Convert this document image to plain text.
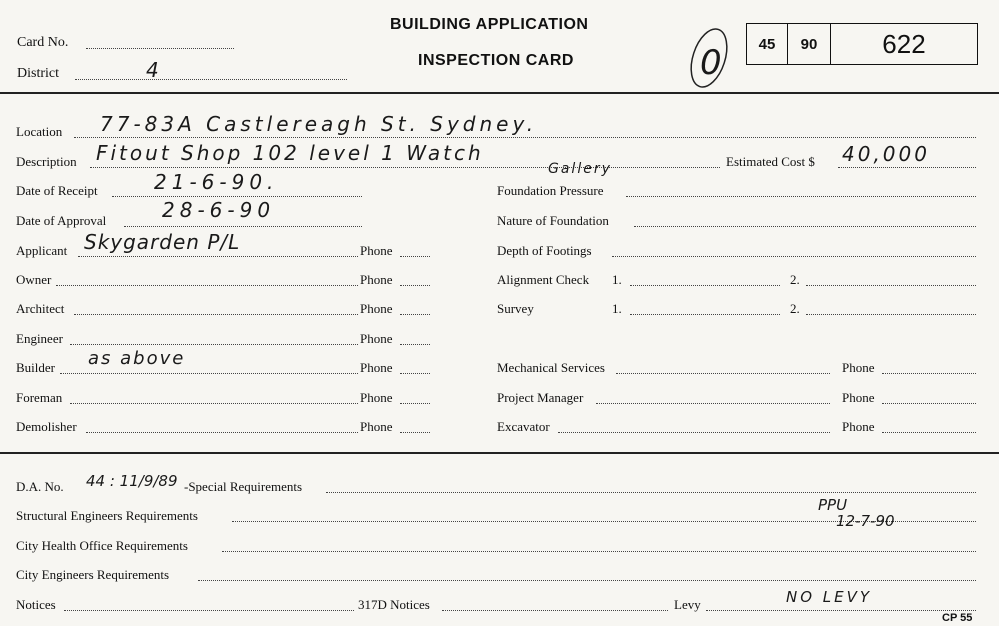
Card No.
District	4
BUILDING APPLICATION
INSPECTION CARD
45	90	622
Location 77-83A Castlereagh St. Sydney.
Description Fitout Shop 102 level 1 Watch
Gallery	Estimated Cost $ 40,000
Date of Receipt	21-6-90.
Date of Approval	28-6-90
Applicant Skygarden P/L	Phone
Owner	Phone
Architect	Phone
Engineer	Phone
Builder as above	Phone
Foreman	Phone
Demolisher	Phone
Foundation Pressure
Nature of Foundation
Depth of Footings
Alignment Check 1.	2.
Survey	1.	2.
Mechanical Services	Phone
Project Manager	Phone
Excavator	Phone
D.A. No. 44 : 11/9/89 -Special Requirements
Structural Engineers Requirements
PPU
12-7-90
City Health Office Requirements
City Engineers Requirements
Notices	317D Notices	Levy	NO LEVY
CP 55
0
